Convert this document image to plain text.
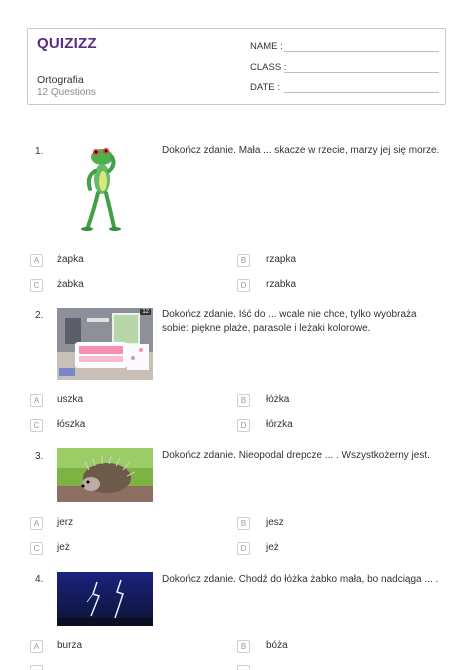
QUIZIZZ
Ortografia
12 Questions
NAME :
CLASS :
DATE :
1.	Dokończ zdanie. Mała ... skacze w rzecie, marzy jej się morze.
A	żapka	B	rzapka
C	żabka	D	rzabka
2.	12 Dokończ zdanie. Iść do ... wcale nie chce, tylko wyobraża sobie: piękne plaże, parasole i leżaki kolorowe.
A	uszka	B	łóżka
C	łószka	D	łórzka
3.	Dokończ zdanie. Nieopodal drepcze ... . Wszystkożerny jest.
A	jerz	B	jesz
C	jeż	D	jeż
4.	Dokończ zdanie. Chodź do łóżka żabko mała, bo nadciąga ... .
A	burza	B	bóża
